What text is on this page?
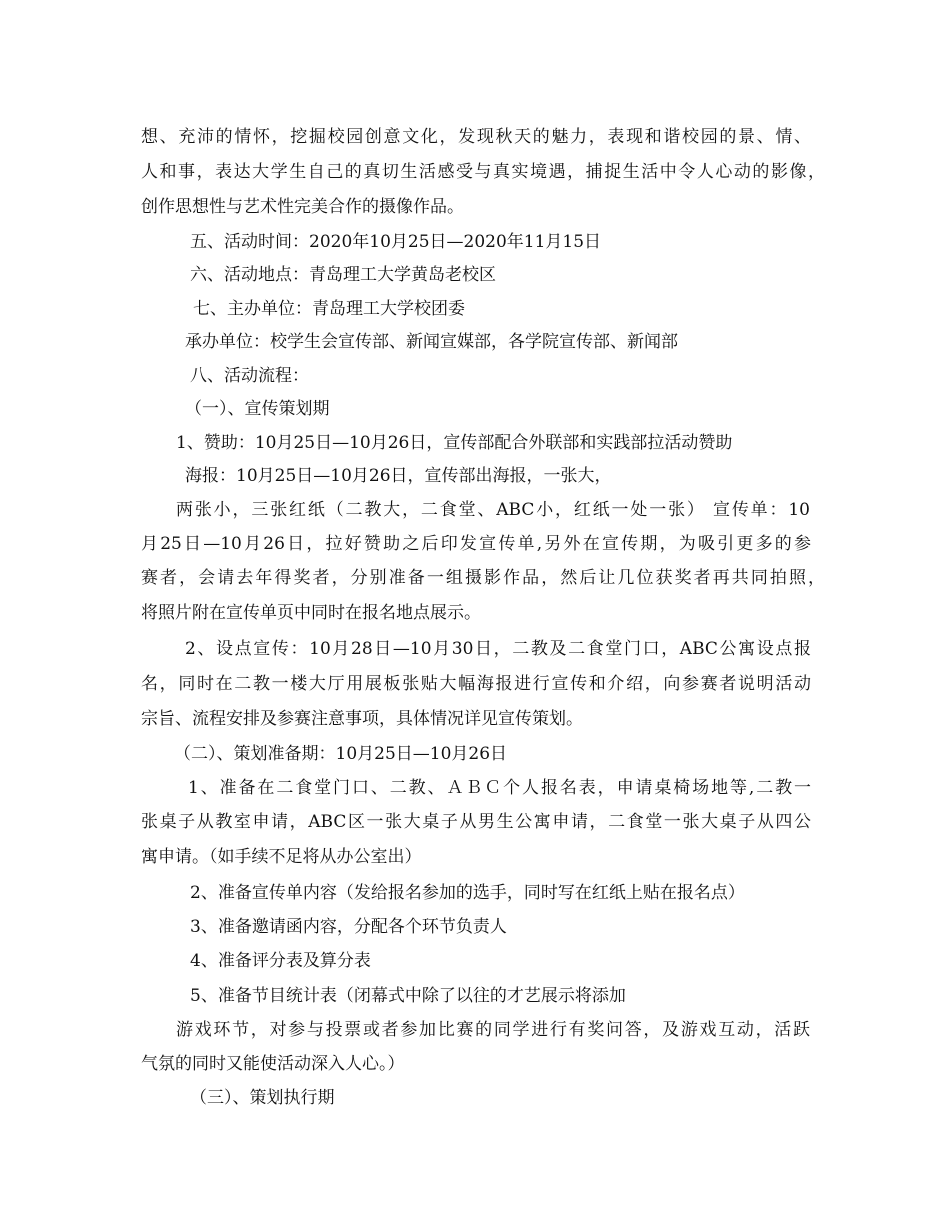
想、充沛的情怀，挖掘校园创意文化，发现秋天的魅力，表现和谐校园的景、情、
人和事，表达大学生自己的真切生活感受与真实境遇，捕捉生活中令人心动的影像，
创作思想性与艺术性完美合作的摄像作品。
五、活动时间：2020年10月25日—2020年11月15日
六、活动地点：青岛理工大学黄岛老校区
七、主办单位：青岛理工大学校团委
承办单位：校学生会宣传部、新闻宣媒部，各学院宣传部、新闻部
八、活动流程：
（一）、宣传策划期
1、赞助：10月25日—10月26日，宣传部配合外联部和实践部拉活动赞助
海报：10月25日—10月26日，宣传部出海报，一张大，
两张小，三张红纸（二教大，二食堂、ABC小，红纸一处一张） 宣传单：10
月25日—10月26日，拉好赞助之后印发宣传单,另外在宣传期，为吸引更多的参
赛者，会请去年得奖者，分别准备一组摄影作品，然后让几位获奖者再共同拍照，
将照片附在宣传单页中同时在报名地点展示。
2、设点宣传：10月28日—10月30日，二教及二食堂门口，ABC公寓设点报
名，同时在二教一楼大厅用展板张贴大幅海报进行宣传和介绍，向参赛者说明活动
宗旨、流程安排及参赛注意事项，具体情况详见宣传策划。
（二）、策划准备期：10月25日—10月26日
1、准备在二食堂门口、二教、ＡＢＣ个人报名表，申请桌椅场地等,二教一
张桌子从教室申请，ABC区一张大桌子从男生公寓申请，二食堂一张大桌子从四公
寓申请。（如手续不足将从办公室出）
2、准备宣传单内容（发给报名参加的选手，同时写在红纸上贴在报名点）
3、准备邀请函内容，分配各个环节负责人
4、准备评分表及算分表
5、准备节目统计表（闭幕式中除了以往的才艺展示将添加
游戏环节，对参与投票或者参加比赛的同学进行有奖问答，及游戏互动，活跃
气氛的同时又能使活动深入人心。）
（三）、策划执行期
